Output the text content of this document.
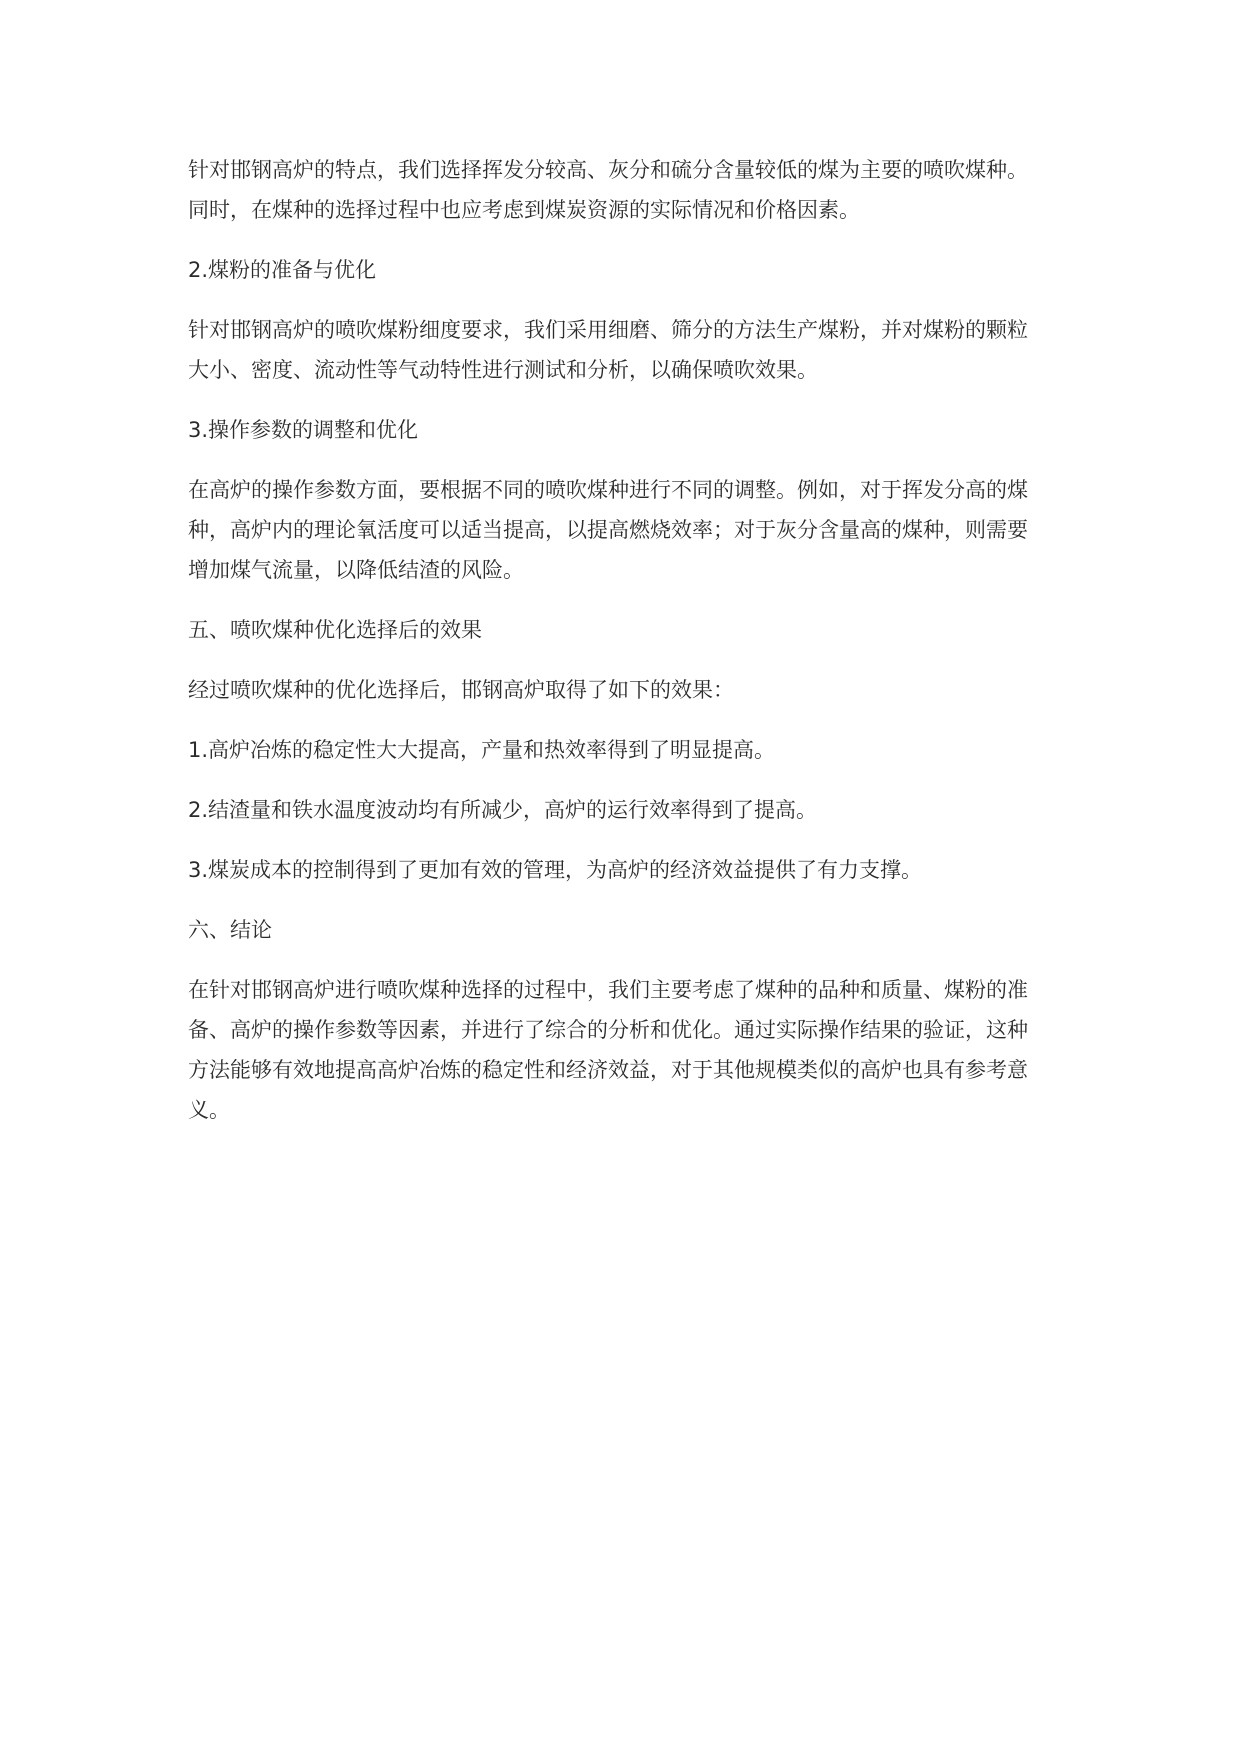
针对邯钢高炉的特点，我们选择挥发分较高、灰分和硫分含量较低的煤为主要的喷吹煤种。同时，在煤种的选择过程中也应考虑到煤炭资源的实际情况和价格因素。

2.煤粉的准备与优化

针对邯钢高炉的喷吹煤粉细度要求，我们采用细磨、筛分的方法生产煤粉，并对煤粉的颗粒大小、密度、流动性等气动特性进行测试和分析，以确保喷吹效果。

3.操作参数的调整和优化

在高炉的操作参数方面，要根据不同的喷吹煤种进行不同的调整。例如，对于挥发分高的煤种，高炉内的理论氧活度可以适当提高，以提高燃烧效率；对于灰分含量高的煤种，则需要增加煤气流量，以降低结渣的风险。

五、喷吹煤种优化选择后的效果

经过喷吹煤种的优化选择后，邯钢高炉取得了如下的效果：

1.高炉冶炼的稳定性大大提高，产量和热效率得到了明显提高。

2.结渣量和铁水温度波动均有所减少，高炉的运行效率得到了提高。

3.煤炭成本的控制得到了更加有效的管理，为高炉的经济效益提供了有力支撑。

六、结论

在针对邯钢高炉进行喷吹煤种选择的过程中，我们主要考虑了煤种的品种和质量、煤粉的准备、高炉的操作参数等因素，并进行了综合的分析和优化。通过实际操作结果的验证，这种方法能够有效地提高高炉冶炼的稳定性和经济效益，对于其他规模类似的高炉也具有参考意义。
